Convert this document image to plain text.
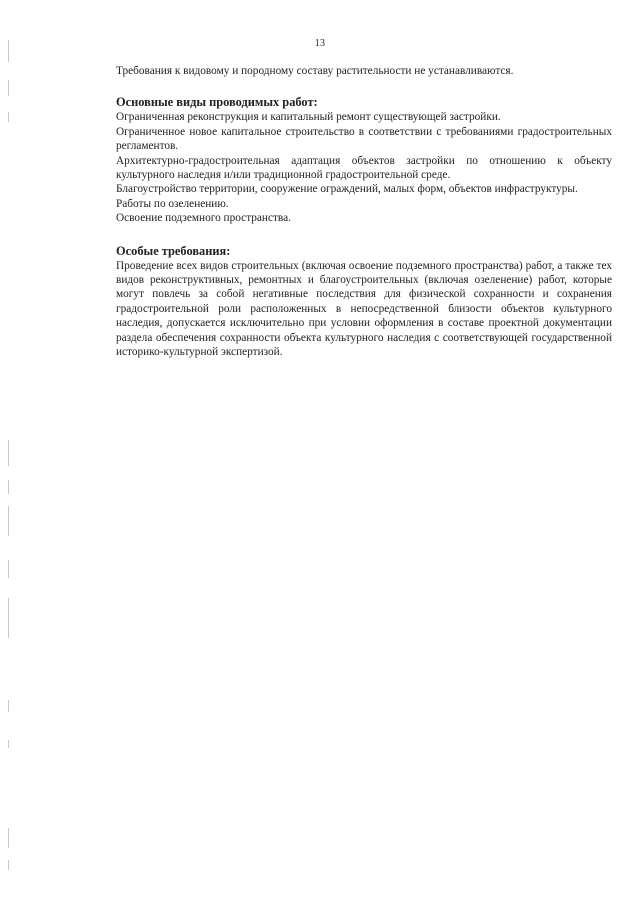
13

Требования к видовому и породному составу растительности не устанавливаются.

Основные виды проводимых работ:

Ограниченная реконструкция и капитальный ремонт существующей застройки.

Ограниченное новое капитальное строительство в соответствии с требованиями градостроительных регламентов.

Архитектурно-градостроительная адаптация объектов застройки по отношению к объекту культурного наследия и/или традиционной градостроительной среде.

Благоустройство территории, сооружение ограждений, малых форм, объектов инфраструктуры.

Работы по озеленению.

Освоение подземного пространства.

Особые требования:

Проведение всех видов строительных (включая освоение подземного пространства) работ, а также тех видов реконструктивных, ремонтных и благоустроительных (включая озеленение) работ, которые могут повлечь за собой негативные последствия для физической сохранности и сохранения градостроительной роли расположенных в непосредственной близости объектов культурного наследия, допускается исключительно при условии оформления в составе проектной документации раздела обеспечения сохранности объекта культурного наследия с соответствующей государственной историко-культурной экспертизой.
